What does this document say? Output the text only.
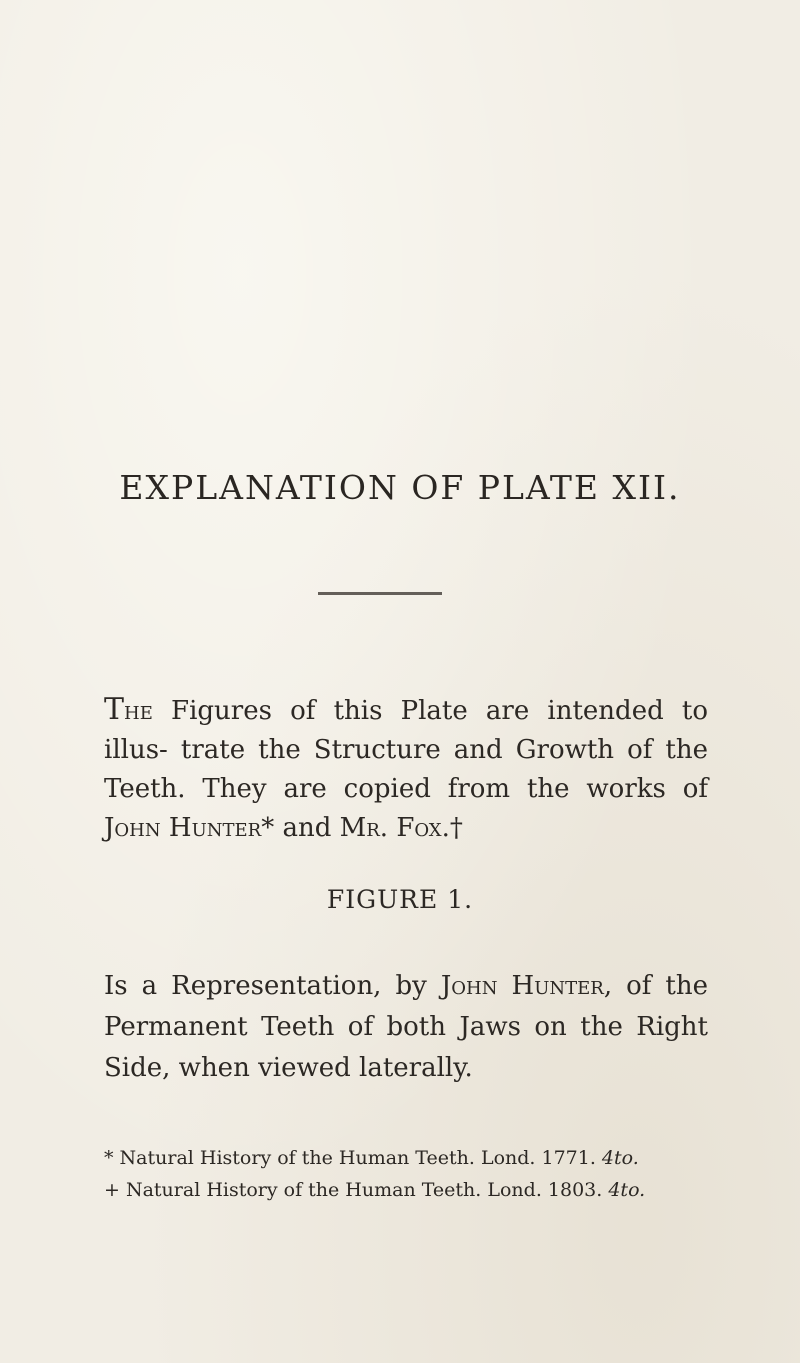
EXPLANATION OF PLATE XII.

The Figures of this Plate are intended to illus- trate the Structure and Growth of the Teeth. They are copied from the works of John Hunter* and Mr. Fox.†

FIGURE 1.

Is a Representation, by John Hunter, of the Permanent Teeth of both Jaws on the Right Side, when viewed laterally.

* Natural History of the Human Teeth. Lond. 1771. 4to.
+ Natural History of the Human Teeth. Lond. 1803. 4to.
